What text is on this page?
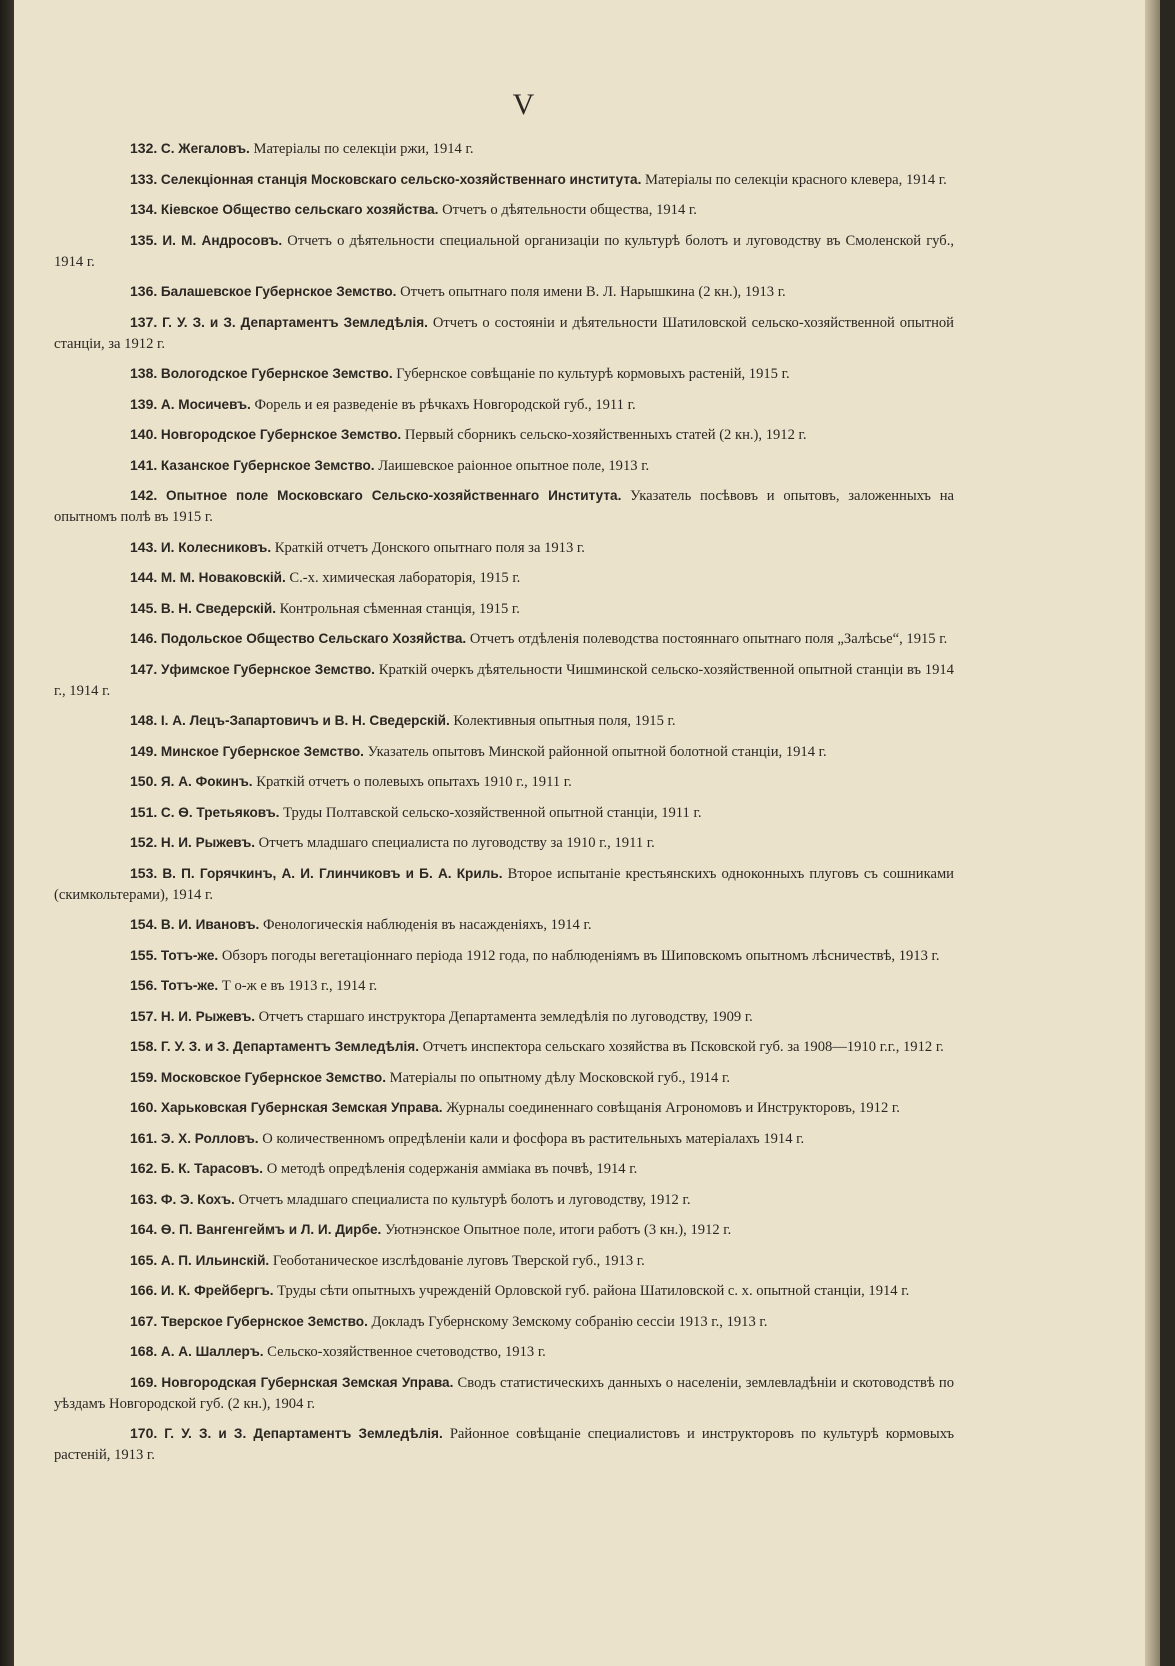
V
132. С. Жегаловъ. Матеріалы по селекціи ржи, 1914 г.
133. Селекціонная станція Московскаго сельско-хозяйственнаго института. Матеріалы по селекціи красного клевера, 1914 г.
134. Кіевское Общество сельскаго хозяйства. Отчетъ о дѣятельности общества, 1914 г.
135. И. М. Андросовъ. Отчетъ о дѣятельности специальной организаціи по культурѣ болотъ и луговодству въ Смоленской губ., 1914 г.
136. Балашевское Губернское Земство. Отчетъ опытнаго поля имени В. Л. Нарышкина (2 кн.), 1913 г.
137. Г. У. З. и З. Департаментъ Земледѣлія. Отчетъ о состояніи и дѣятельности Шатиловской сельско-хозяйственной опытной станціи, за 1912 г.
138. Вологодское Губернское Земство. Губернское совѣщаніе по культурѣ кормовыхъ растеній, 1915 г.
139. А. Мосичевъ. Форель и ея разведеніе въ рѣчкахъ Новгородской губ., 1911 г.
140. Новгородское Губернское Земство. Первый сборникъ сельско-хозяйственныхъ статей (2 кн.), 1912 г.
141. Казанское Губернское Земство. Лаишевское раіонное опытное поле, 1913 г.
142. Опытное поле Московскаго Сельско-хозяйственнаго Института. Указатель посѣвовъ и опытовъ, заложенныхъ на опытномъ полѣ въ 1915 г.
143. И. Колесниковъ. Краткій отчетъ Донского опытнаго поля за 1913 г.
144. М. М. Новаковскій. С.-х. химическая лабораторія, 1915 г.
145. В. Н. Сведерскій. Контрольная сѣменная станція, 1915 г.
146. Подольское Общество Сельскаго Хозяйства. Отчетъ отдѣленія полеводства постояннаго опытнаго поля „Залѣсье“, 1915 г.
147. Уфимское Губернское Земство. Краткій очеркъ дѣятельности Чишминской сельско-хозяйственной опытной станціи въ 1914 г., 1914 г.
148. І. А. Лецъ-Запартовичъ и В. Н. Сведерскій. Колективныя опытныя поля, 1915 г.
149. Минское Губернское Земство. Указатель опытовъ Минской районной опытной болотной станціи, 1914 г.
150. Я. А. Фокинъ. Краткій отчетъ о полевыхъ опытахъ 1910 г., 1911 г.
151. С. Ѳ. Третьяковъ. Труды Полтавской сельско-хозяйственной опытной станціи, 1911 г.
152. Н. И. Рыжевъ. Отчетъ младшаго специалиста по луговодству за 1910 г., 1911 г.
153. В. П. Горячкинъ, А. И. Глинчиковъ и Б. А. Криль. Второе испытаніе крестьянскихъ одноконныхъ плуговъ съ сошниками (скимкольтерами), 1914 г.
154. В. И. Ивановъ. Фенологическія наблюденія въ насажденіяхъ, 1914 г.
155. Тотъ-же. Обзоръ погоды вегетаціоннаго періода 1912 года, по наблюденіямъ въ Шиповскомъ опытномъ лѣсничествѣ, 1913 г.
156. Тотъ-же. Т о-ж е въ 1913 г., 1914 г.
157. Н. И. Рыжевъ. Отчетъ старшаго инструктора Департамента земледѣлія по луговодству, 1909 г.
158. Г. У. З. и З. Департаментъ Земледѣлія. Отчетъ инспектора сельскаго хозяйства въ Псковской губ. за 1908—1910 г.г., 1912 г.
159. Московское Губернское Земство. Матеріалы по опытному дѣлу Московской губ., 1914 г.
160. Харьковская Губернская Земская Управа. Журналы соединеннаго совѣщанія Агрономовъ и Инструкторовъ, 1912 г.
161. Э. Х. Ролловъ. О количественномъ опредѣленіи кали и фосфора въ растительныхъ матеріалахъ 1914 г.
162. Б. К. Тарасовъ. О методѣ опредѣленія содержанія амміака въ почвѣ, 1914 г.
163. Ф. Э. Кохъ. Отчетъ младшаго специалиста по культурѣ болотъ и луговодству, 1912 г.
164. Ѳ. П. Вангенгеймъ и Л. И. Дирбе. Уютнэнское Опытное поле, итоги работъ (3 кн.), 1912 г.
165. А. П. Ильинскій. Геоботаническое изслѣдованіе луговъ Тверской губ., 1913 г.
166. И. К. Фрейбергъ. Труды сѣти опытныхъ учрежденій Орловской губ. района Шатиловской с. х. опытной станціи, 1914 г.
167. Тверское Губернское Земство. Докладъ Губернскому Земскому собранію сессіи 1913 г., 1913 г.
168. А. А. Шаллеръ. Сельско-хозяйственное счетоводство, 1913 г.
169. Новгородская Губернская Земская Управа. Сводъ статистическихъ данныхъ о населеніи, землевладѣніи и скотоводствѣ по уѣздамъ Новгородской губ. (2 кн.), 1904 г.
170. Г. У. З. и З. Департаментъ Земледѣлія. Районное совѣщаніе специалистовъ и инструкторовъ по культурѣ кормовыхъ растеній, 1913 г.
